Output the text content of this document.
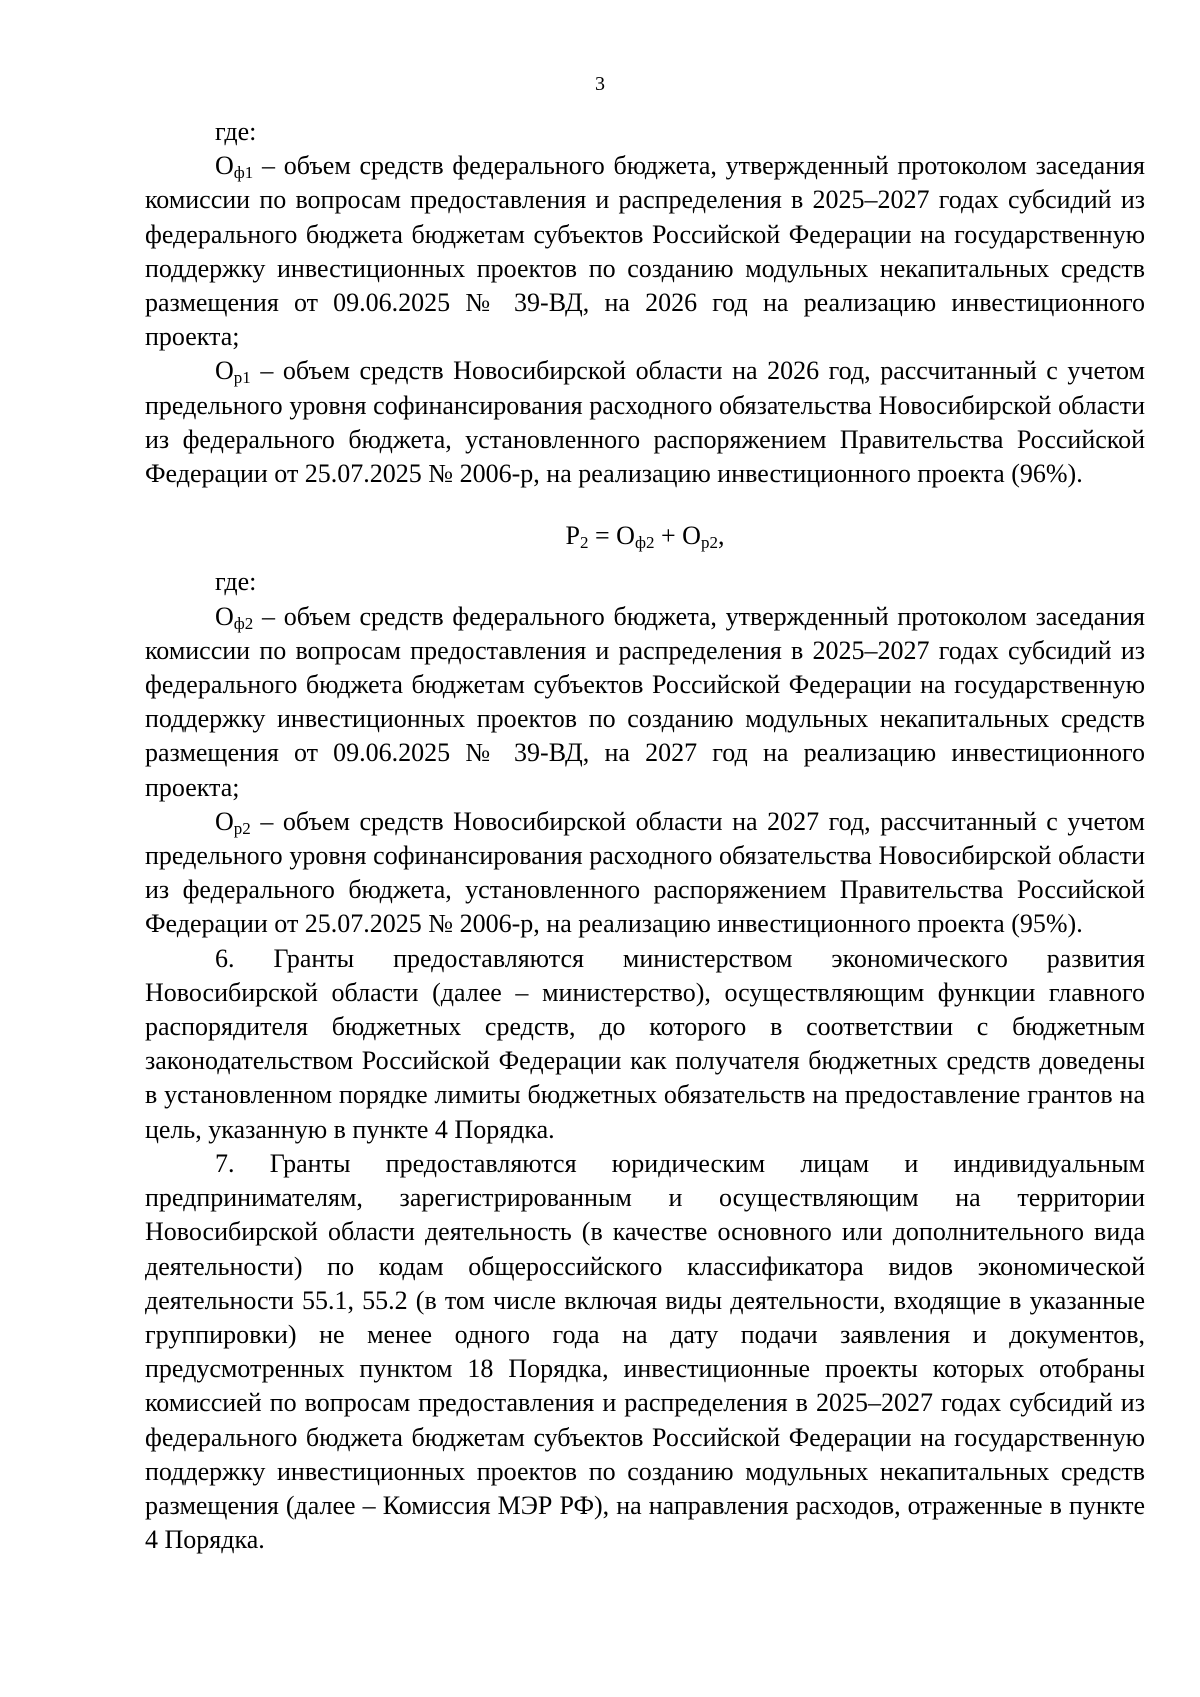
3

где:

$О_{ф1}$ – объем средств федерального бюджета, утвержденный протоколом заседания комиссии по вопросам предоставления и распределения в 2025–2027 годах субсидий из федерального бюджета бюджетам субъектов Российской Федерации на государственную поддержку инвестиционных проектов по созданию модульных некапитальных средств размещения от 09.06.2025 № 39-ВД, на 2026 год на реализацию инвестиционного проекта;

$О_{р1}$ – объем средств Новосибирской области на 2026 год, рассчитанный с учетом предельного уровня софинансирования расходного обязательства Новосибирской области из федерального бюджета, установленного распоряжением Правительства Российской Федерации от 25.07.2025 № 2006-р, на реализацию инвестиционного проекта (96%).

$Р_2 = О_{ф2} + О_{р2}$,

где:

$О_{ф2}$ – объем средств федерального бюджета, утвержденный протоколом заседания комиссии по вопросам предоставления и распределения в 2025–2027 годах субсидий из федерального бюджета бюджетам субъектов Российской Федерации на государственную поддержку инвестиционных проектов по созданию модульных некапитальных средств размещения от 09.06.2025 № 39-ВД, на 2027 год на реализацию инвестиционного проекта;

$О_{р2}$ – объем средств Новосибирской области на 2027 год, рассчитанный с учетом предельного уровня софинансирования расходного обязательства Новосибирской области из федерального бюджета, установленного распоряжением Правительства Российской Федерации от 25.07.2025 № 2006-р, на реализацию инвестиционного проекта (95%).

6. Гранты предоставляются министерством экономического развития Новосибирской области (далее – министерство), осуществляющим функции главного распорядителя бюджетных средств, до которого в соответствии с бюджетным законодательством Российской Федерации как получателя бюджетных средств доведены в установленном порядке лимиты бюджетных обязательств на предоставление грантов на цель, указанную в пункте 4 Порядка.

7. Гранты предоставляются юридическим лицам и индивидуальным предпринимателям, зарегистрированным и осуществляющим на территории Новосибирской области деятельность (в качестве основного или дополнительного вида деятельности) по кодам общероссийского классификатора видов экономической деятельности 55.1, 55.2 (в том числе включая виды деятельности, входящие в указанные группировки) не менее одного года на дату подачи заявления и документов, предусмотренных пунктом 18 Порядка, инвестиционные проекты которых отобраны комиссией по вопросам предоставления и распределения в 2025–2027 годах субсидий из федерального бюджета бюджетам субъектов Российской Федерации на государственную поддержку инвестиционных проектов по созданию модульных некапитальных средств размещения (далее – Комиссия МЭР РФ), на направления расходов, отраженные в пункте 4 Порядка.
